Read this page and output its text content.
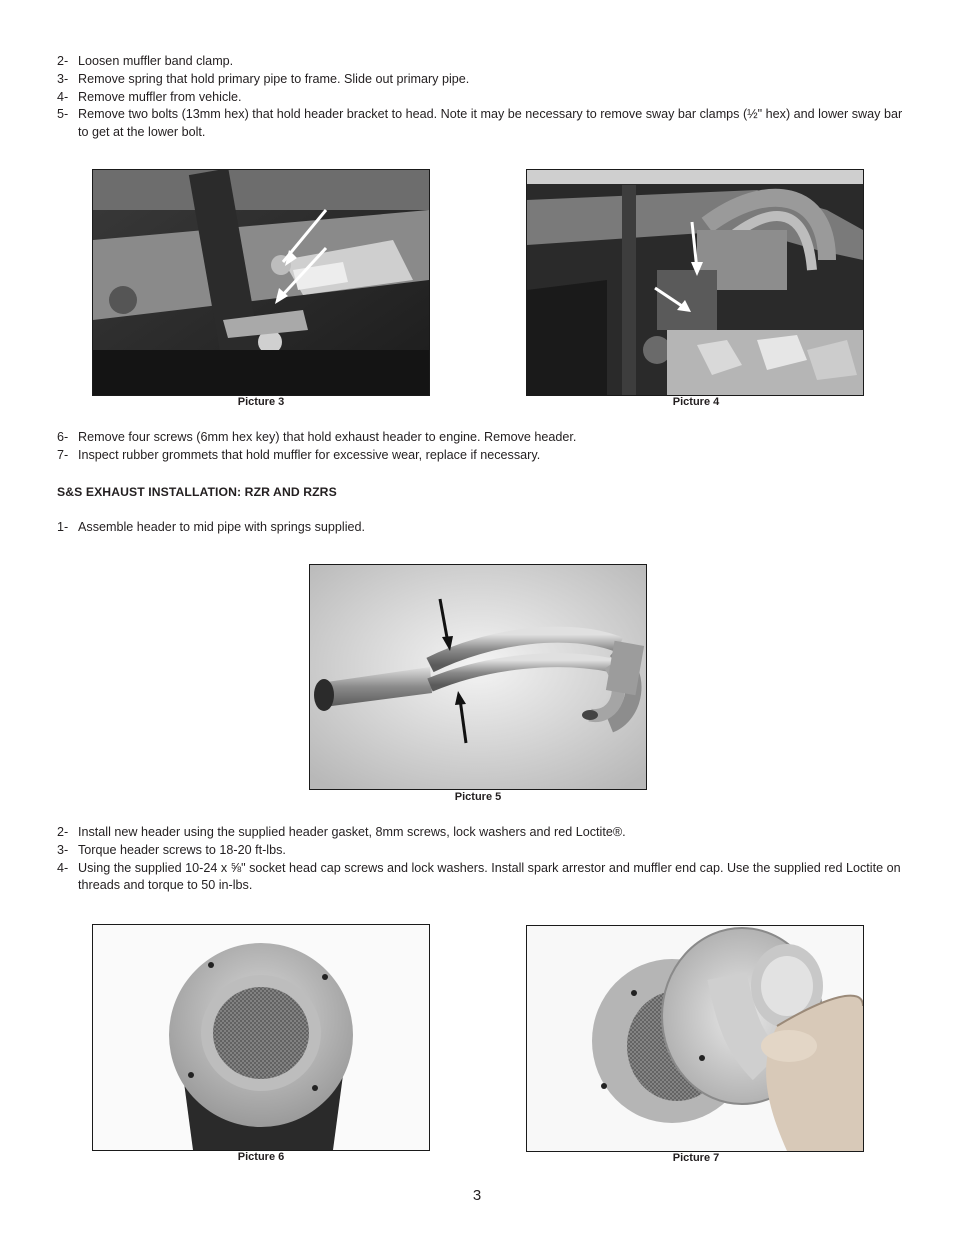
2- Loosen muffler band clamp.
3- Remove spring that hold primary pipe to frame. Slide out primary pipe.
4- Remove muffler from vehicle.
5- Remove two bolts (13mm hex) that hold header bracket to head. Note it may be necessary to remove sway bar clamps (½" hex) and lower sway bar to get at the lower bolt.
Picture 3	Picture 4
6- Remove four screws (6mm hex key) that hold exhaust header to engine. Remove header.
7- Inspect rubber grommets that hold muffler for excessive wear, replace if necessary.
S&S EXHAUST INSTALLATION: RZR AND RZRS
1- Assemble header to mid pipe with springs supplied.
Picture 5
2- Install new header using the supplied header gasket, 8mm screws, lock washers and red Loctite®.
3- Torque header screws to 18-20 ft-lbs.
4- Using the supplied 10-24 x ⅝" socket head cap screws and lock washers. Install spark arrestor and muffler end cap. Use the supplied red Loctite on threads and torque to 50 in-lbs.
Picture 6	Picture 7
3
